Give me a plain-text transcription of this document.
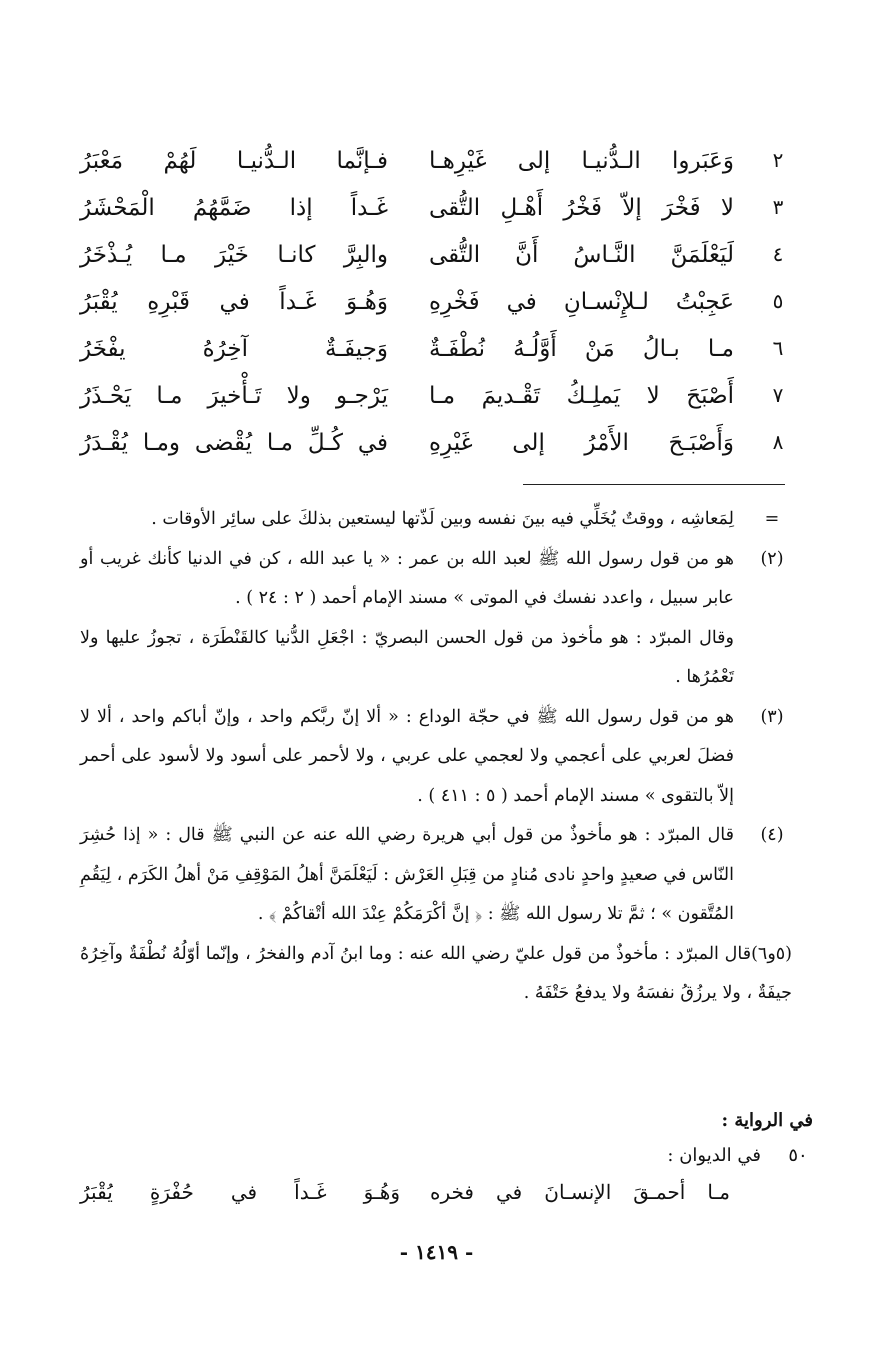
٢
وَعَبَروا الـدُّنيـا إلى غَيْرِهـا
فـإنَّما الـدُّنيـا لَهُمْ مَعْبَرُ
٣
لا فَخْرَ إلاّ فَخْرُ أَهْـلِ التُّقى
غَـداً إذا ضَمَّهُمُ الْمَحْشَرُ
٤
لَيَعْلَمَنَّ النَّـاسُ أَنَّ التُّقى
والبِرَّ كانـا خَيْرَ مـا يُـذْخَرُ
٥
عَجِبْتُ لـلإِنْسـانِ في فَخْرِهِ
وَهُـوَ غَـداً في قَبْرِهِ يُقْبَرُ
٦
مـا بـالُ مَنْ أَوَّلُـهُ نُطْفَـةٌ
وَجيفَـةٌ آخِرُهُ يفْخَرُ
٧
أَصْبَحَ لا يَملِـكُ تَقْـديمَ مـا
يَرْجـو ولا تَـأْخيرَ مـا يَحْـذَرُ
٨
وَأَصْبَـحَ الأَمْرُ إلى غَيْرِهِ
في كُـلِّ مـا يُقْضى ومـا يُقْـدَرُ
=

لِمَعاشِه ، ووقتٌ يُخَلِّي فيه بينَ نفسه وبين لَذّتها ليستعين بذلكَ على سائِر الأوقات .

(٢)

هو من قول رسول الله ﷺ لعبد الله بن عمر : « يا عبد الله ، كن في الدنيا كأنك غريب أو عابر سبيل ، واعدد نفسك في الموتى » مسند الإمام أحمد ( ٢ : ٢٤ ) .

وقال المبرّد : هو مأخوذ من قول الحسن البصريّ : اجْعَلِ الدُّنيا كالقَنْطَرَة ، تجوزُ عليها ولا تَعْمُرُها .

(٣)

هو من قول رسول الله ﷺ في حجّة الوداع : « ألا إنّ ربَّكم واحد ، وإنّ أباكم واحد ، ألا لا فضلَ لعربي على أعجمي ولا لعجمي على عربي ، ولا لأحمر على أسود ولا لأسود على أحمر إلاّ بالتقوى » مسند الإمام أحمد ( ٥ : ٤١١ ) .

(٤)

قال المبرّد : هو مأخوذٌ من قول أبي هريرة رضي الله عنه عن النبي ﷺ قال : « إذا حُشِرَ النّاس في صعيدٍ واحدٍ نادى مُنادٍ من قِبَلِ العَرْش : لَيَعْلَمَنَّ أهلُ المَوْقِفِ مَنْ أهلُ الكَرَم ، لِيَقُمِ المُتَّقون » ؛ ثمَّ تلا رسول الله ﷺ : ﴿ إنَّ أكْرَمَكُمْ عِنْدَ الله أتْقاكُمْ ﴾ .

(٥و٦)قال المبرّد : مأخوذٌ من قول عليّ رضي الله عنه : وما ابنُ آدم والفخرُ ، وإنّما أوّلُهُ نُطْفَةٌ وآخِرُهُ جيفَةٌ ، ولا يرزُقُ نفسَهُ ولا يدفعُ حَتْفَهُ .

في الرواية :
٥٠
في الديوان :
مـا أحمـقَ الإنسـانَ في فخره
وَهُـوَ غَـداً في حُفْرَةٍ يُقْبَرُ
- ١٤١٩ -
